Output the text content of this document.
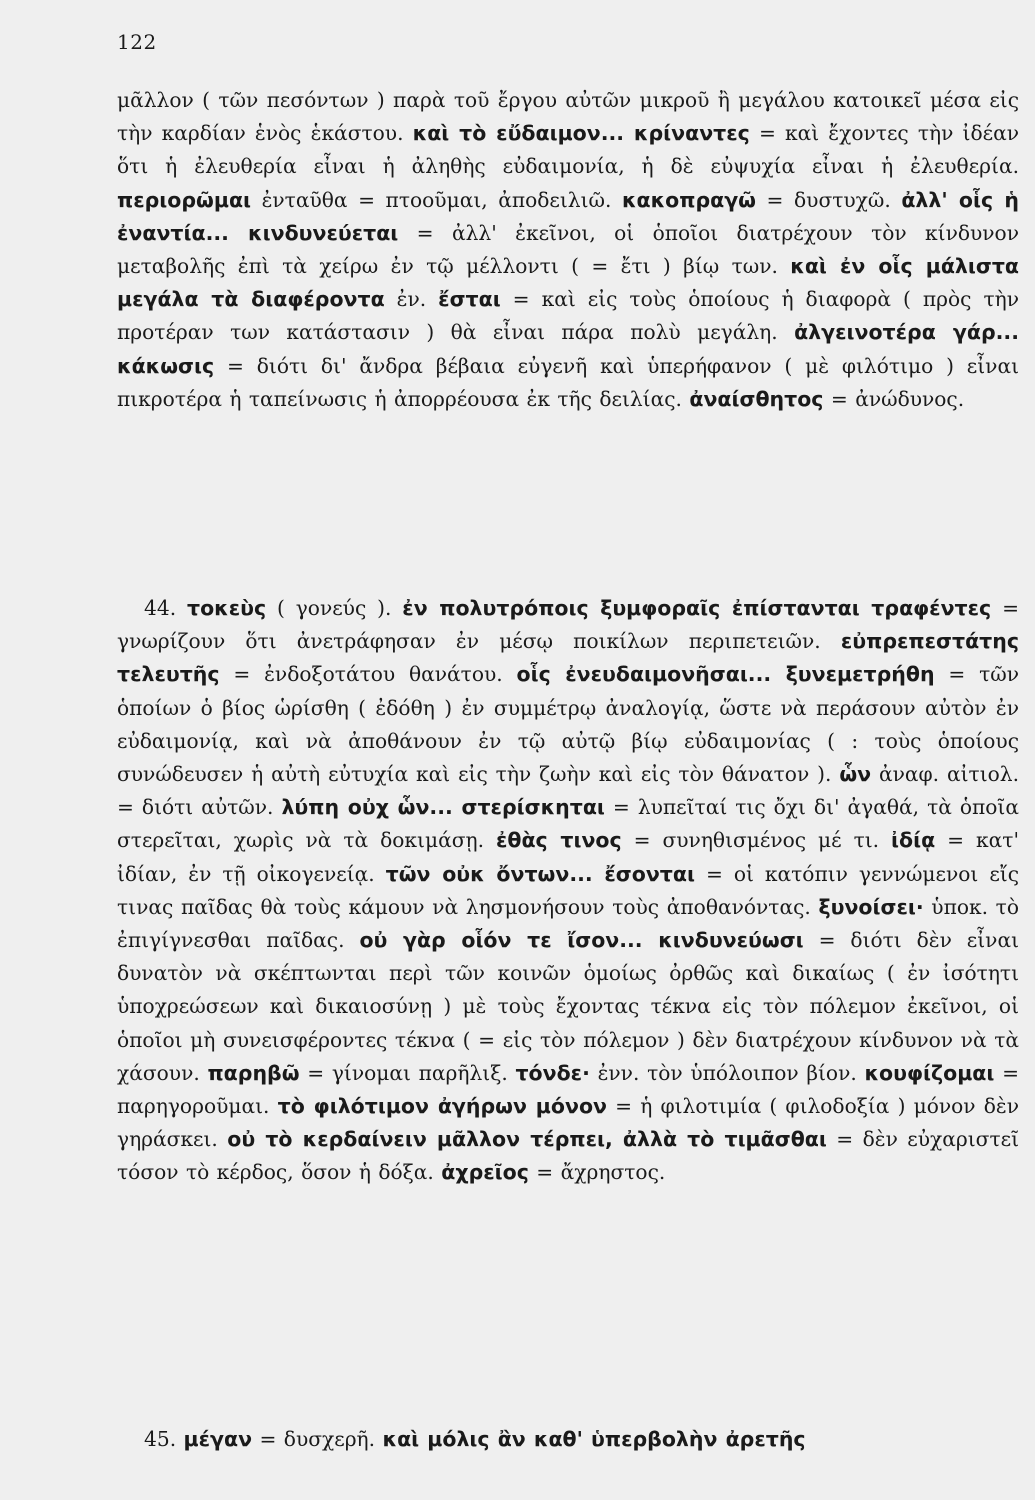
122
μᾶλλον ( τῶν πεσόντων ) παρὰ τοῦ ἔργου αὐτῶν μικροῦ ἢ μεγάλου κατοικεῖ μέσα εἰς τὴν καρδίαν ἑνὸς ἑκάστου. καὶ τὸ εὔδαιμον... κρίναντες = καὶ ἔχοντες τὴν ἰδέαν ὅτι ἡ ἐλευθερία εἶναι ἡ ἀληθὴς εὐδαιμονία, ἡ δὲ εὐψυχία εἶναι ἡ ἐλευθερία. περιορῶμαι ἐνταῦθα = πτοοῦμαι, ἀποδειλιῶ. κακοπραγῶ = δυστυχῶ. ἀλλ' οἷς ἡ ἐναντία... κινδυνεύεται = ἀλλ' ἐκεῖνοι, οἱ ὁποῖοι διατρέχουν τὸν κίνδυνον μεταβολῆς ἐπὶ τὰ χείρω ἐν τῷ μέλλοντι ( = ἔτι ) βίῳ των. καὶ ἐν οἷς μάλιστα μεγάλα τὰ διαφέροντα ἐν. ἔσται = καὶ εἰς τοὺς ὁποίους ἡ διαφορὰ ( πρὸς τὴν προτέραν των κατάστασιν ) θὰ εἶναι πάρα πολὺ μεγάλη. ἀλγεινοτέρα γάρ... κάκωσις = διότι δι' ἄνδρα βέβαια εὐγενῆ καὶ ὑπερήφανον ( μὲ φιλότιμο ) εἶναι πικροτέρα ἡ ταπείνωσις ἡ ἀπορρέουσα ἐκ τῆς δειλίας. ἀναίσθητος = ἀνώδυνος.
44. τοκεὺς ( γονεύς ). ἐν πολυτρόποις ξυμφοραῖς ἐπίστανται τραφέντες = γνωρίζουν ὅτι ἀνετράφησαν ἐν μέσῳ ποικίλων περιπετειῶν. εὐπρεπεστάτης τελευτῆς = ἐνδοξοτάτου θανάτου. οἷς ἐνευδαιμονῆσαι... ξυνεμετρήθη = τῶν ὁποίων ὁ βίος ὡρίσθη ( ἐδόθη ) ἐν συμμέτρῳ ἀναλογίᾳ, ὥστε νὰ περάσουν αὐτὸν ἐν εὐδαιμονίᾳ, καὶ νὰ ἀποθάνουν ἐν τῷ αὐτῷ βίῳ εὐδαιμονίας ( : τοὺς ὁποίους συνώδευσεν ἡ αὐτὴ εὐτυχία καὶ εἰς τὴν ζωὴν καὶ εἰς τὸν θάνατον ). ὧν ἀναφ. αἰτιολ. = διότι αὐτῶν. λύπη οὐχ ὧν... στερίσκηται = λυπεῖταί τις ὄχι δι' ἀγαθά, τὰ ὁποῖα στερεῖται, χωρὶς νὰ τὰ δοκιμάσῃ. ἐθὰς τινος = συνηθισμένος μέ τι. ἰδίᾳ = κατ' ἰδίαν, ἐν τῇ οἰκογενείᾳ. τῶν οὐκ ὄντων... ἔσονται = οἱ κατόπιν γεννώμενοι εἴς τινας παῖδας θὰ τοὺς κάμουν νὰ λησμονήσουν τοὺς ἀποθανόντας. ξυνοίσει· ὑποκ. τὸ ἐπιγίγνεσθαι παῖδας. οὐ γὰρ οἷόν τε ἴσον... κινδυνεύωσι = διότι δὲν εἶναι δυνατὸν νὰ σκέπτωνται περὶ τῶν κοινῶν ὁμοίως ὀρθῶς καὶ δικαίως ( ἐν ἰσότητι ὑποχρεώσεων καὶ δικαιοσύνῃ ) μὲ τοὺς ἔχοντας τέκνα εἰς τὸν πόλεμον ἐκεῖνοι, οἱ ὁποῖοι μὴ συνεισφέροντες τέκνα ( = εἰς τὸν πόλεμον ) δὲν διατρέχουν κίνδυνον νὰ τὰ χάσουν. παρηβῶ = γίνομαι παρῆλιξ. τόνδε· ἐνν. τὸν ὑπόλοιπον βίον. κουφίζομαι = παρηγοροῦμαι. τὸ φιλότιμον ἀγήρων μόνον = ἡ φιλοτιμία ( φιλοδοξία ) μόνον δὲν γηράσκει. οὐ τὸ κερδαίνειν μᾶλλον τέρπει, ἀλλὰ τὸ τιμᾶσθαι = δὲν εὐχαριστεῖ τόσον τὸ κέρδος, ὅσον ἡ δόξα. ἀχρεῖος = ἄχρηστος.
45. μέγαν = δυσχερῆ. καὶ μόλις ἂν καθ' ὑπερβολὴν ἀρετῆς
